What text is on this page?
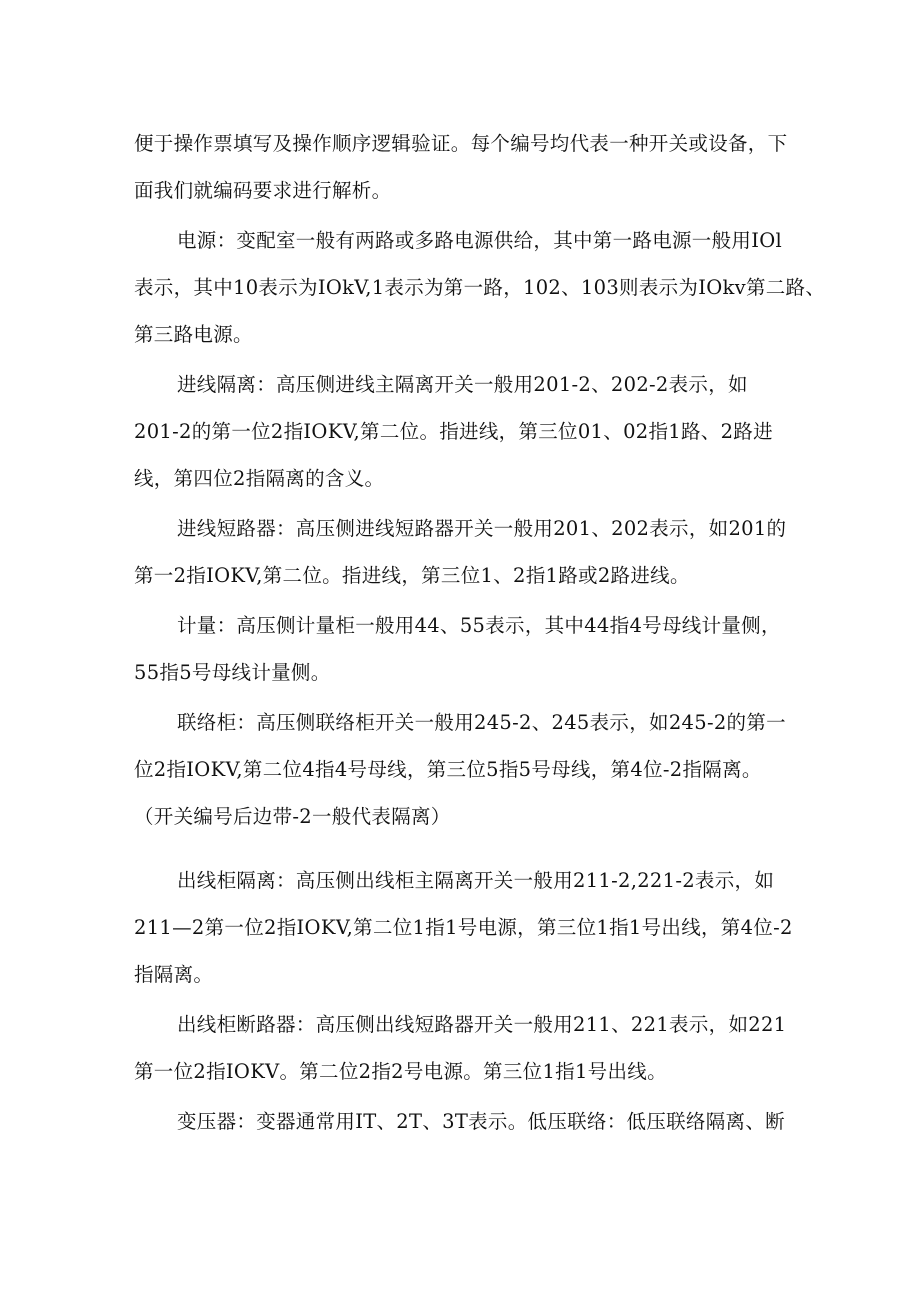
便于操作票填写及操作顺序逻辑验证。每个编号均代表一种开关或设备，下
面我们就编码要求进行解析。
电源：变配室一般有两路或多路电源供给，其中第一路电源一般用IOl
表示，其中10表示为IOkV,1表示为第一路，102、103则表示为IOkv第二路、
第三路电源。
进线隔离：高压侧进线主隔离开关一般用201-2、202-2表示，如
201-2的第一位2指IOKV,第二位。指进线，第三位01、02指1路、2路进
线，第四位2指隔离的含义。
进线短路器：高压侧进线短路器开关一般用201、202表示，如201的
第一2指IOKV,第二位。指进线，第三位1、2指1路或2路进线。
计量：高压侧计量柜一般用44、55表示，其中44指4号母线计量侧，
55指5号母线计量侧。
联络柜：高压侧联络柜开关一般用245-2、245表示，如245-2的第一
位2指IOKV,第二位4指4号母线，第三位5指5号母线，第4位-2指隔离。
（开关编号后边带-2一般代表隔离）
出线柜隔离：高压侧出线柜主隔离开关一般用211-2,221-2表示，如
211—2第一位2指IOKV,第二位1指1号电源，第三位1指1号出线，第4位-2
指隔离。
出线柜断路器：高压侧出线短路器开关一般用211、221表示，如221
第一位2指IOKV。第二位2指2号电源。第三位1指1号出线。
变压器：变器通常用IT、2T、3T表示。低压联络：低压联络隔离、断
